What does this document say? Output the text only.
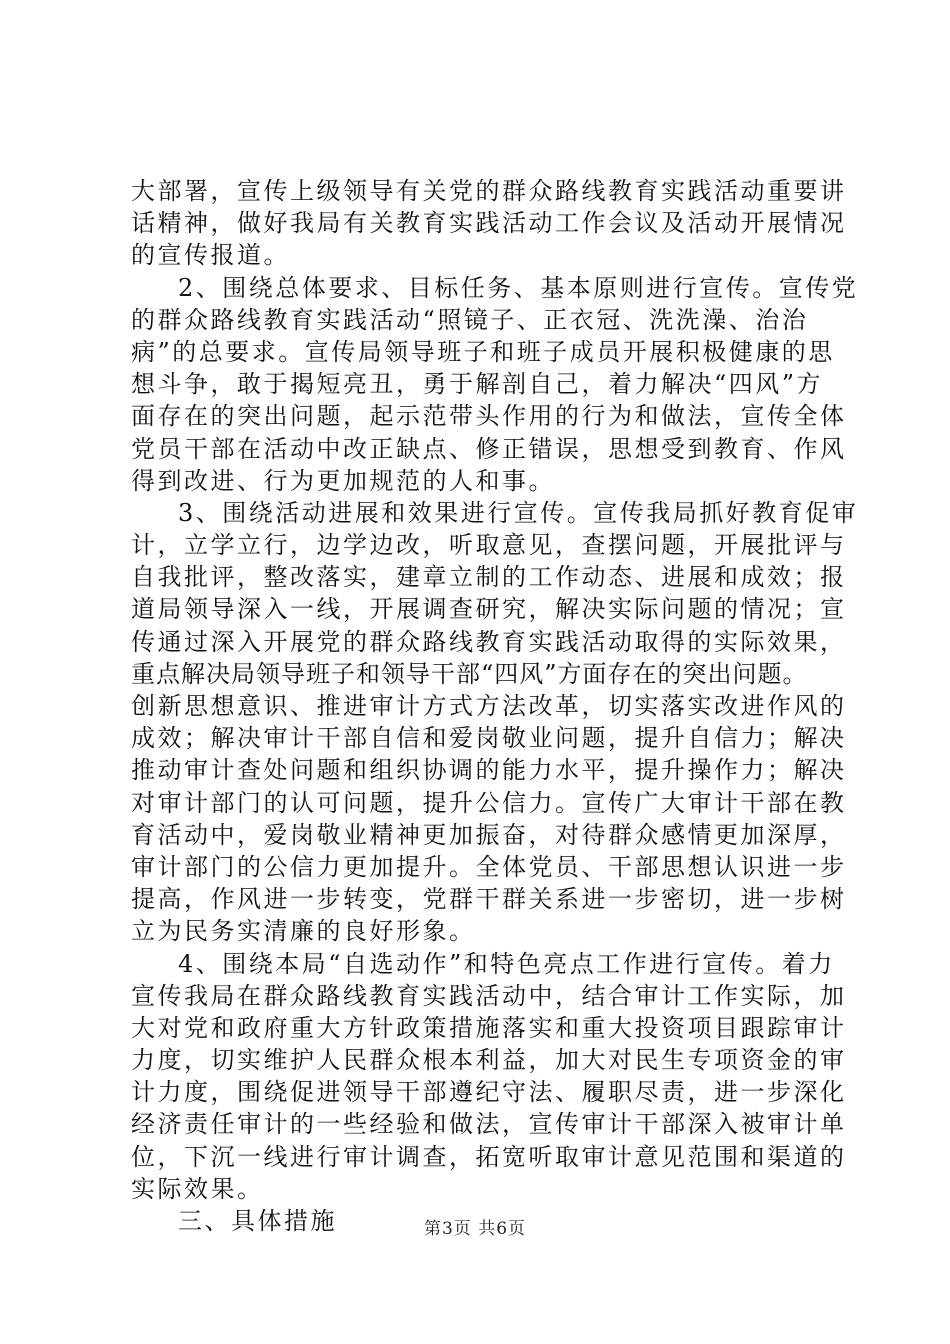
大部署，宣传上级领导有关党的群众路线教育实践活动重要讲
话精神，做好我局有关教育实践活动工作会议及活动开展情况
的宣传报道。
2、围绕总体要求、目标任务、基本原则进行宣传。宣传党
的群众路线教育实践活动“照镜子、正衣冠、洗洗澡、治治
病”的总要求。宣传局领导班子和班子成员开展积极健康的思
想斗争，敢于揭短亮丑，勇于解剖自己，着力解决“四风”方
面存在的突出问题，起示范带头作用的行为和做法，宣传全体
党员干部在活动中改正缺点、修正错误，思想受到教育、作风
得到改进、行为更加规范的人和事。
3、围绕活动进展和效果进行宣传。宣传我局抓好教育促审
计，立学立行，边学边改，听取意见，查摆问题，开展批评与
自我批评，整改落实，建章立制的工作动态、进展和成效；报
道局领导深入一线，开展调查研究，解决实际问题的情况；宣
传通过深入开展党的群众路线教育实践活动取得的实际效果，
重点解决局领导班子和领导干部“四风”方面存在的突出问题。
创新思想意识、推进审计方式方法改革，切实落实改进作风的
成效；解决审计干部自信和爱岗敬业问题，提升自信力；解决
推动审计查处问题和组织协调的能力水平，提升操作力；解决
对审计部门的认可问题，提升公信力。宣传广大审计干部在教
育活动中，爱岗敬业精神更加振奋，对待群众感情更加深厚，
审计部门的公信力更加提升。全体党员、干部思想认识进一步
提高，作风进一步转变，党群干群关系进一步密切，进一步树
立为民务实清廉的良好形象。
4、围绕本局“自选动作”和特色亮点工作进行宣传。着力
宣传我局在群众路线教育实践活动中，结合审计工作实际，加
大对党和政府重大方针政策措施落实和重大投资项目跟踪审计
力度，切实维护人民群众根本利益，加大对民生专项资金的审
计力度，围绕促进领导干部遵纪守法、履职尽责，进一步深化
经济责任审计的一些经验和做法，宣传审计干部深入被审计单
位，下沉一线进行审计调查，拓宽听取审计意见范围和渠道的
实际效果。
三、具体措施	第3页 共6页
